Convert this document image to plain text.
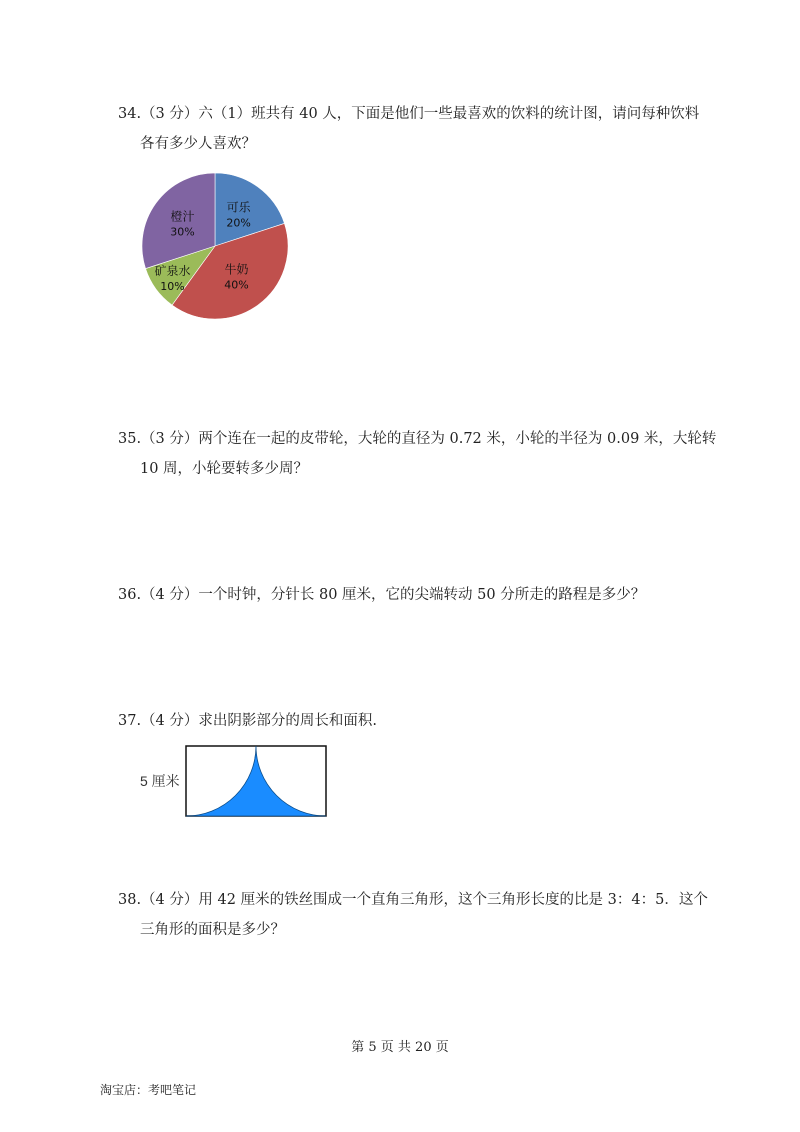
34.（3 分）六（1）班共有 40 人，下面是他们一些最喜欢的饮料的统计图，请问每种饮料
各有多少人喜欢？
可乐
20%
牛奶
40%
矿泉水
10%
橙汁
30%
35.（3 分）两个连在一起的皮带轮，大轮的直径为 0.72 米，小轮的半径为 0.09 米，大轮转
10 周，小轮要转多少周？
36.（4 分）一个时钟，分针长 80 厘米，它的尖端转动 50 分所走的路程是多少？
37.（4 分）求出阴影部分的周长和面积.
5 厘米
38.（4 分）用 42 厘米的铁丝围成一个直角三角形，这个三角形长度的比是 3：4：5．这个
三角形的面积是多少？
第 5 页 共 20 页
淘宝店：考吧笔记
